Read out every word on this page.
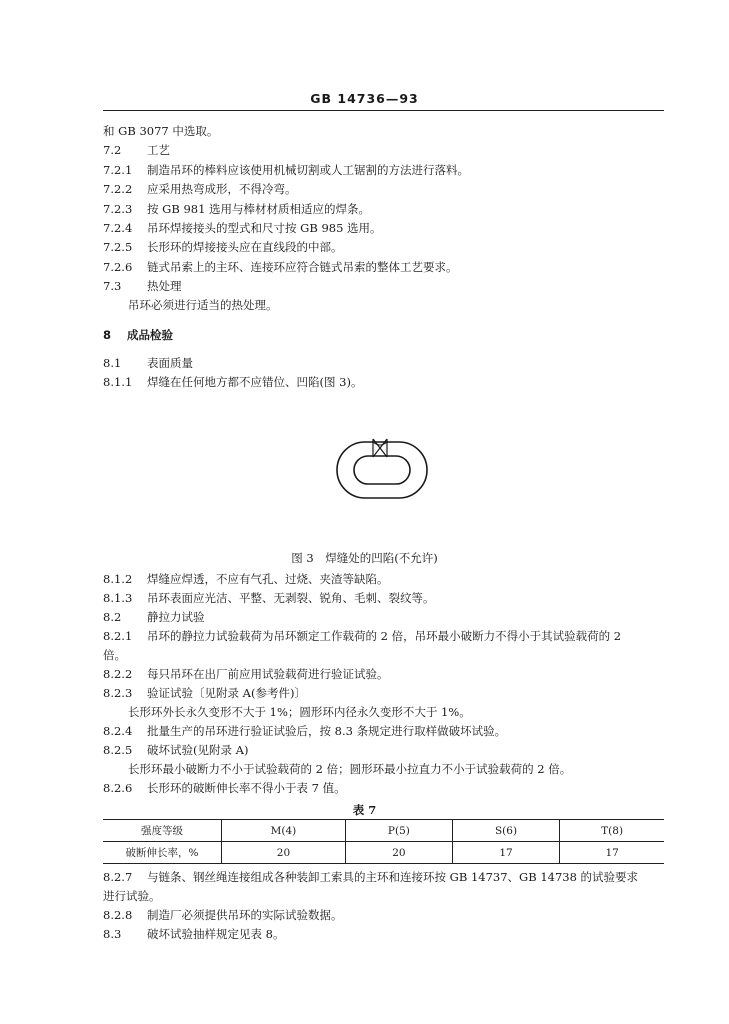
GB 14736—93
和 GB 3077 中选取。
7.2 工艺
7.2.1 制造吊环的棒料应该使用机械切割或人工锯割的方法进行落料。
7.2.2 应采用热弯成形，不得冷弯。
7.2.3 按 GB 981 选用与棒材材质相适应的焊条。
7.2.4 吊环焊接接头的型式和尺寸按 GB 985 选用。
7.2.5 长形环的焊接接头应在直线段的中部。
7.2.6 链式吊索上的主环、连接环应符合链式吊索的整体工艺要求。
7.3 热处理
吊环必须进行适当的热处理。
8 成品检验
8.1 表面质量
8.1.1 焊缝在任何地方都不应错位、凹陷(图 3)。
图 3　焊缝处的凹陷(不允许)
8.1.2 焊缝应焊透，不应有气孔、过烧、夹渣等缺陷。
8.1.3 吊环表面应光洁、平整、无剥裂、锐角、毛刺、裂纹等。
8.2 静拉力试验
8.2.1 吊环的静拉力试验载荷为吊环额定工作载荷的 2 倍，吊环最小破断力不得小于其试验载荷的 2
倍。
8.2.2 每只吊环在出厂前应用试验载荷进行验证试验。
8.2.3 验证试验〔见附录 A(参考件)〕
长形环外长永久变形不大于 1%；圆形环内径永久变形不大于 1%。
8.2.4 批量生产的吊环进行验证试验后，按 8.3 条规定进行取样做破坏试验。
8.2.5 破坏试验(见附录 A)
长形环最小破断力不小于试验载荷的 2 倍；圆形环最小拉直力不小于试验载荷的 2 倍。
8.2.6 长形环的破断伸长率不得小于表 7 值。
表 7
强度等级	M(4)	P(5)	S(6)	T(8)
破断伸长率，%	20	20	17	17
8.2.7 与链条、钢丝绳连接组成各种装卸工索具的主环和连接环按 GB 14737、GB 14738 的试验要求
进行试验。
8.2.8 制造厂必须提供吊环的实际试验数据。
8.3 破坏试验抽样规定见表 8。
